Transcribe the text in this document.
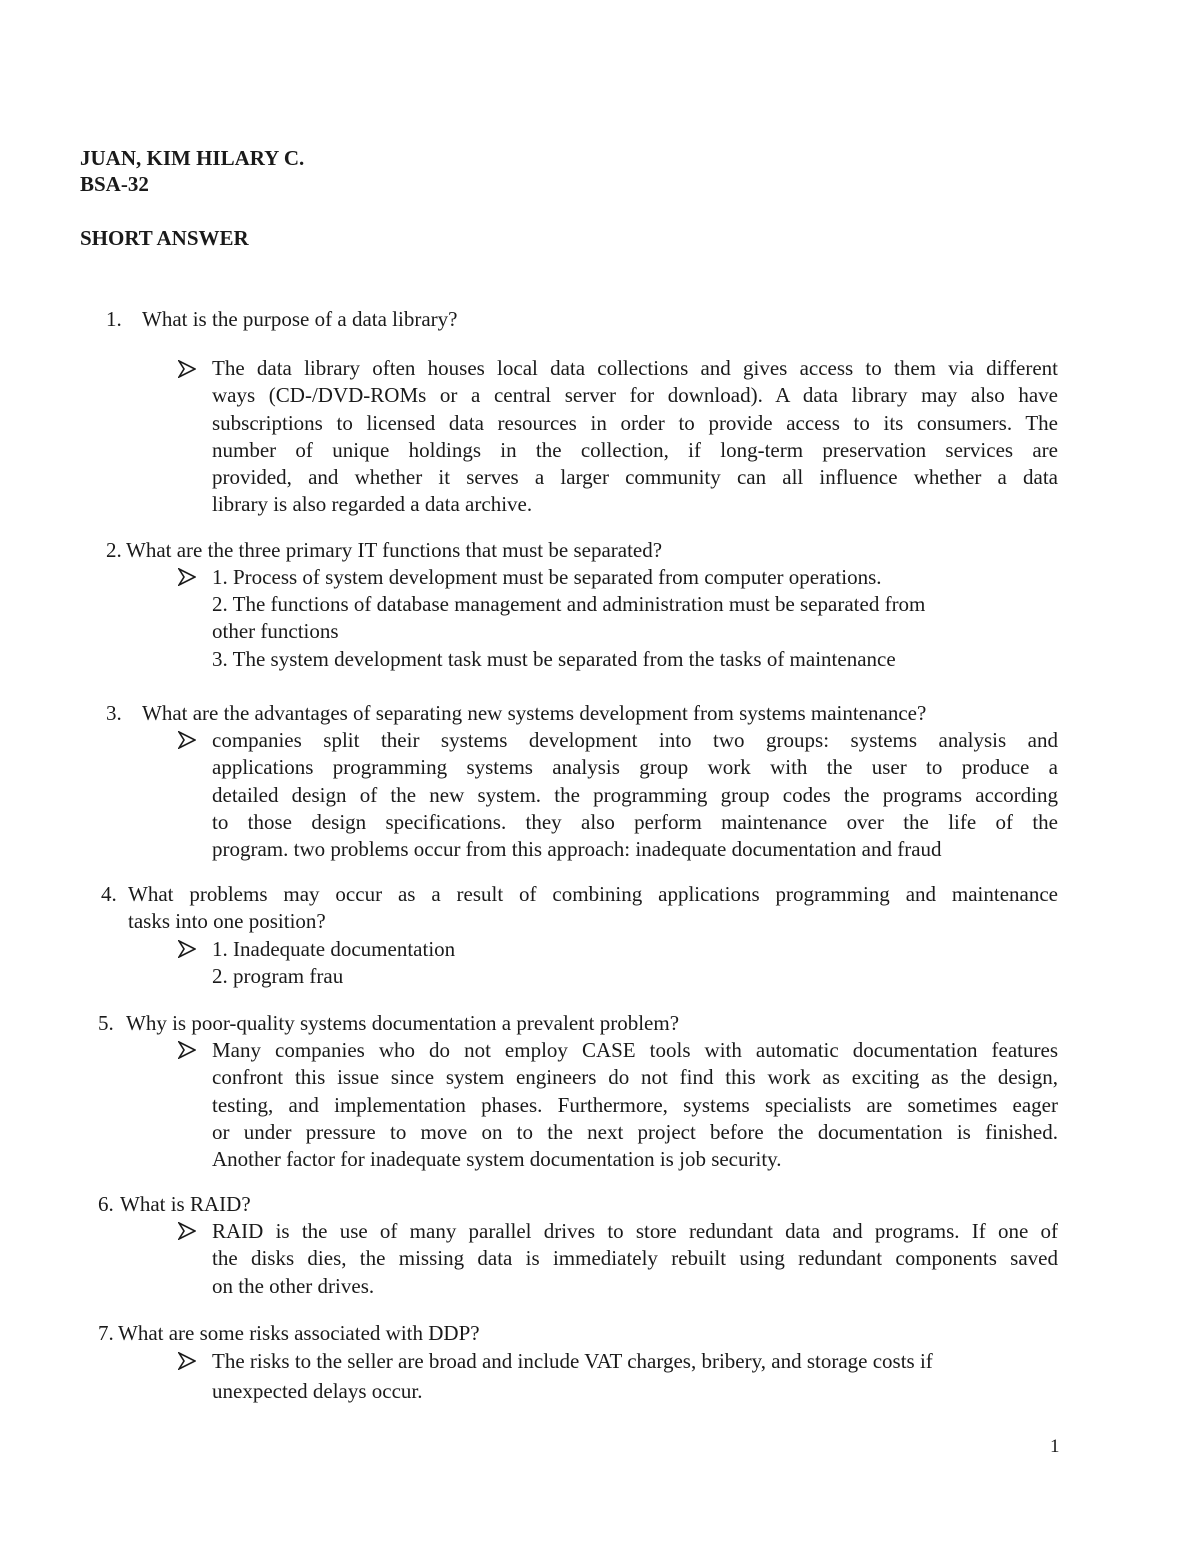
JUAN, KIM HILARY C.
BSA-32
SHORT ANSWER
1. What is the purpose of a data library?
The data library often houses local data collections and gives access to them via different
ways (CD-/DVD-ROMs or a central server for download). A data library may also have
subscriptions to licensed data resources in order to provide access to its consumers. The
number of unique holdings in the collection, if long-term preservation services are
provided, and whether it serves a larger community can all influence whether a data
library is also regarded a data archive.
2. What are the three primary IT functions that must be separated?
1. Process of system development must be separated from computer operations.
2. The functions of database management and administration must be separated from
other functions
3. The system development task must be separated from the tasks of maintenance
3. What are the advantages of separating new systems development from systems maintenance?
companies split their systems development into two groups: systems analysis and
applications programming systems analysis group work with the user to produce a
detailed design of the new system. the programming group codes the programs according
to those design specifications. they also perform maintenance over the life of the
program. two problems occur from this approach: inadequate documentation and fraud
4. What problems may occur as a result of combining applications programming and maintenance
tasks into one position?
1. Inadequate documentation
2. program frau
5. Why is poor-quality systems documentation a prevalent problem?
Many companies who do not employ CASE tools with automatic documentation features
confront this issue since system engineers do not find this work as exciting as the design,
testing, and implementation phases. Furthermore, systems specialists are sometimes eager
or under pressure to move on to the next project before the documentation is finished.
Another factor for inadequate system documentation is job security.
6. What is RAID?
RAID is the use of many parallel drives to store redundant data and programs. If one of
the disks dies, the missing data is immediately rebuilt using redundant components saved
on the other drives.
7. What are some risks associated with DDP?
The risks to the seller are broad and include VAT charges, bribery, and storage costs if
unexpected delays occur.
1
